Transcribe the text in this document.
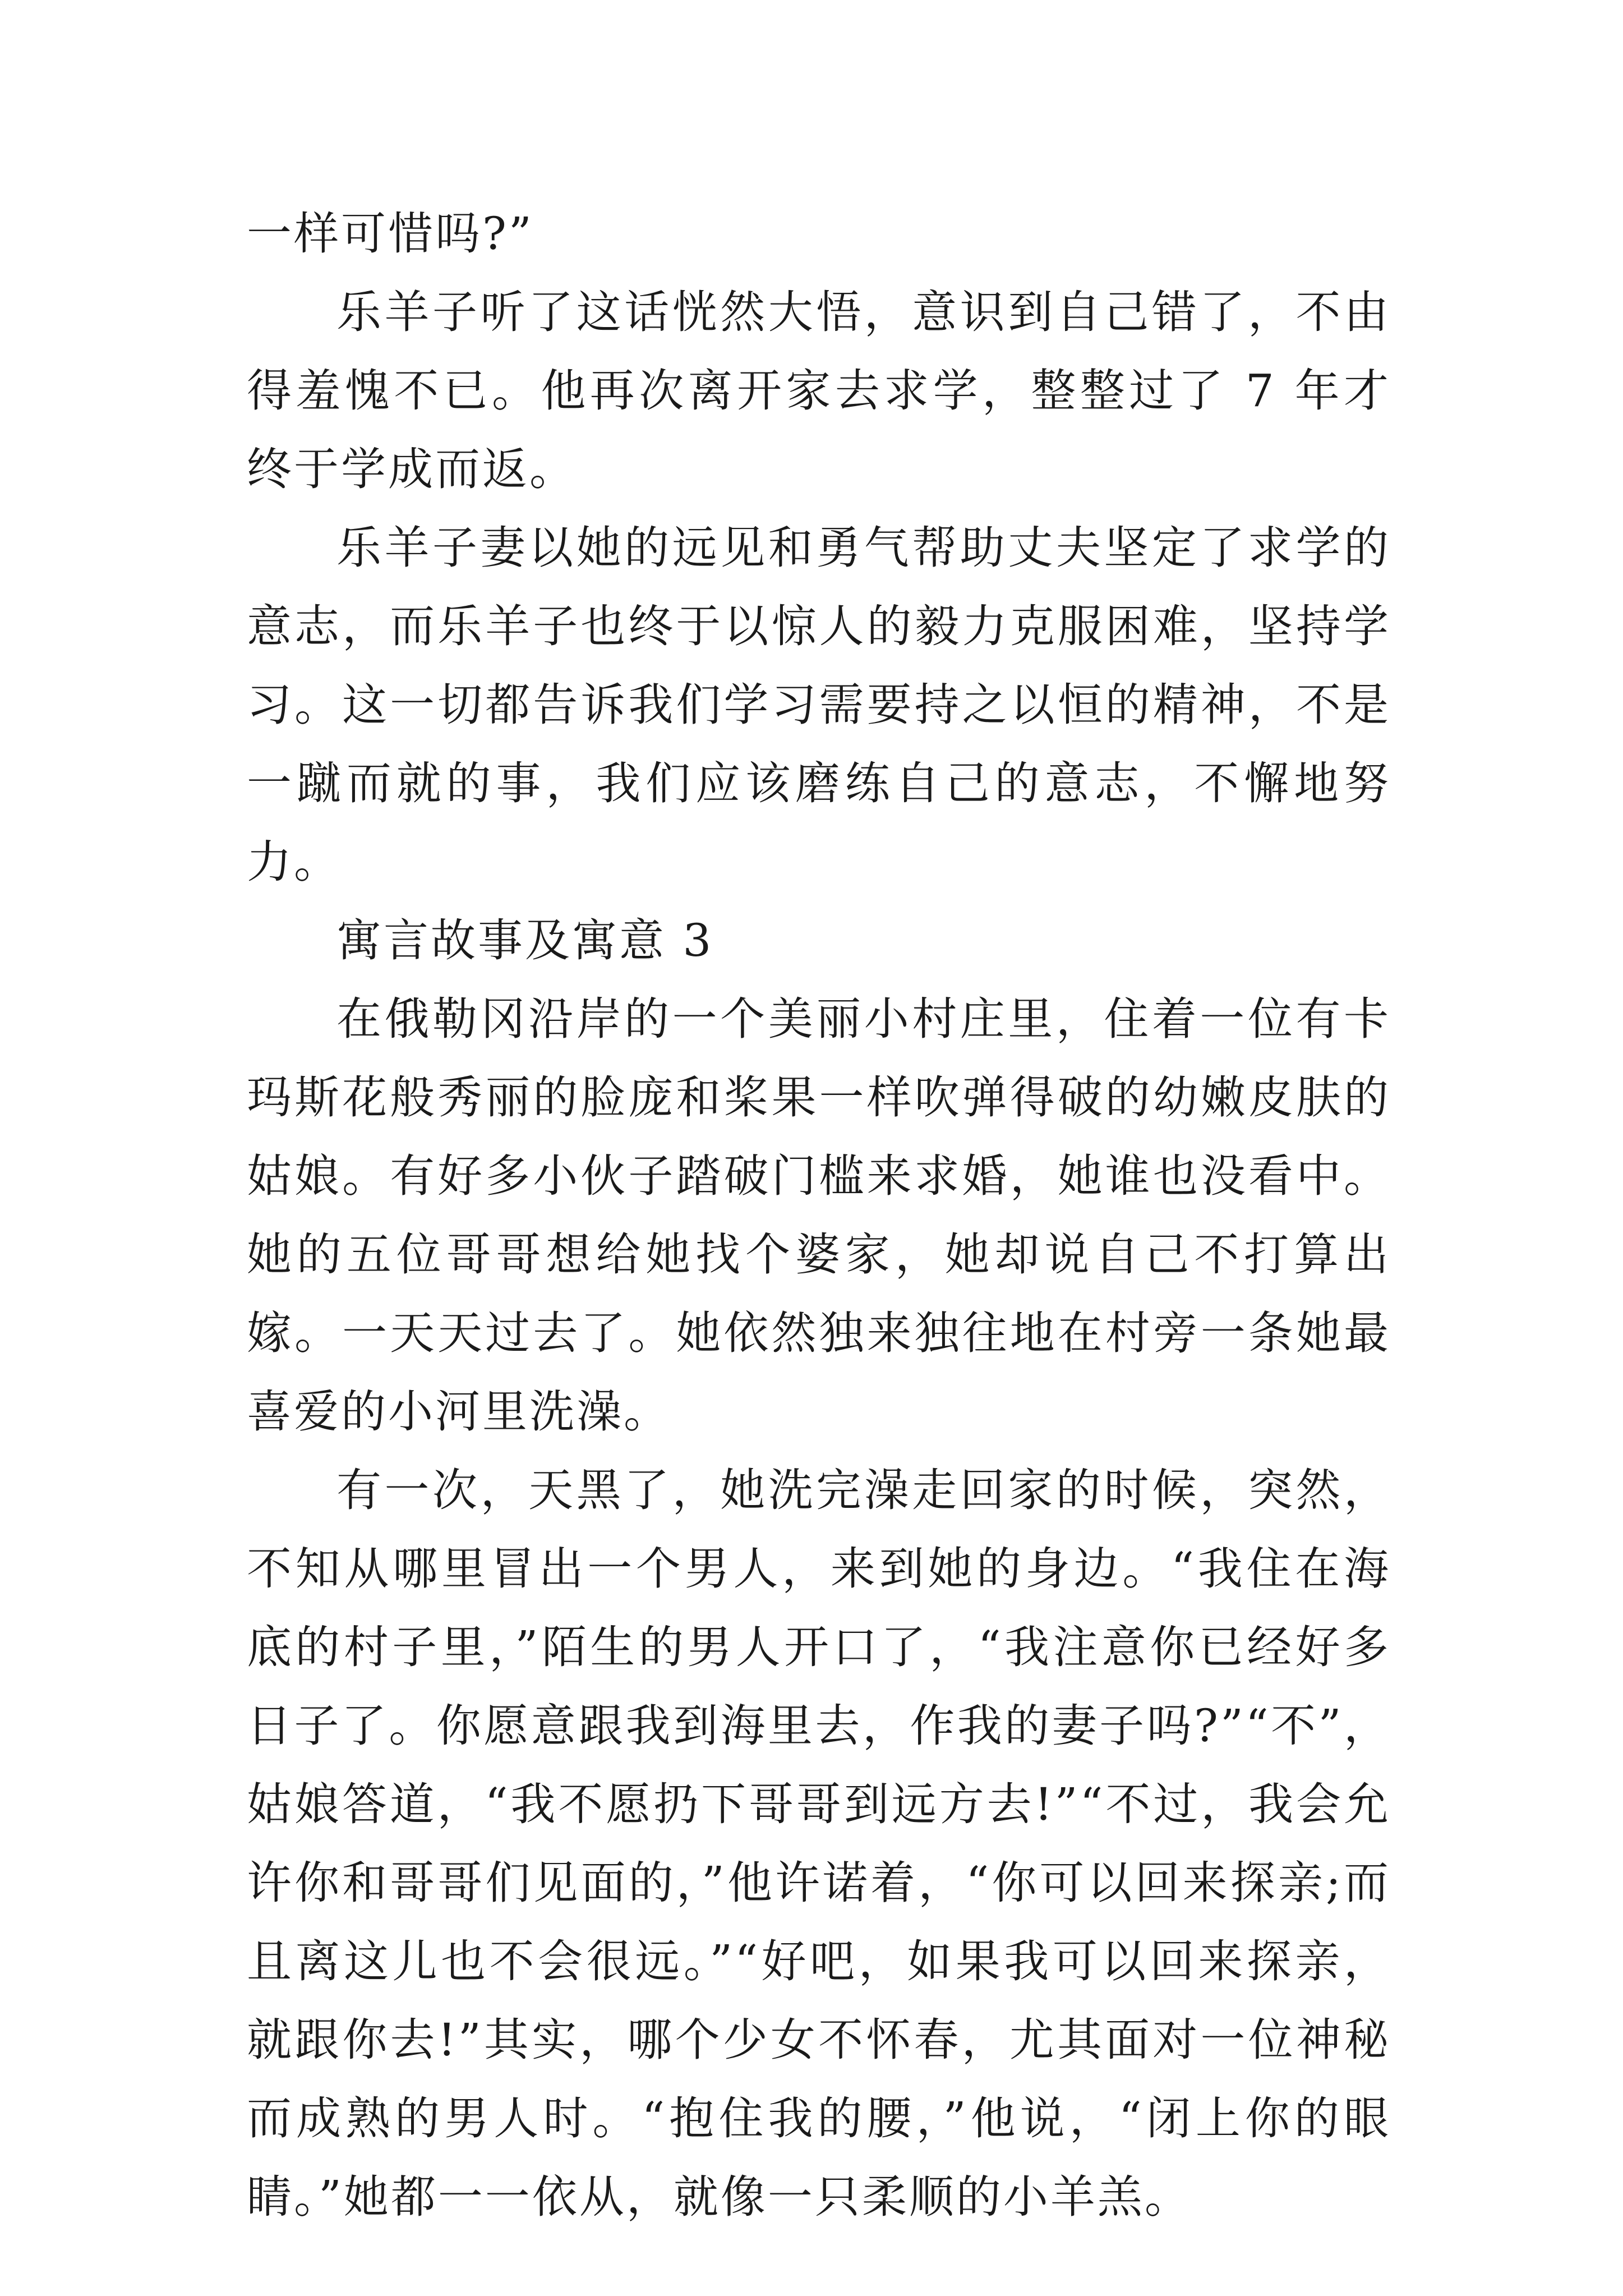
一样可惜吗?”

乐羊子听了这话恍然大悟，意识到自己错了，不由得羞愧不已。他再次离开家去求学，整整过了 7 年才终于学成而返。

乐羊子妻以她的远见和勇气帮助丈夫坚定了求学的意志，而乐羊子也终于以惊人的毅力克服困难，坚持学习。这一切都告诉我们学习需要持之以恒的精神，不是一蹴而就的事，我们应该磨练自己的意志，不懈地努力。

寓言故事及寓意 3

在俄勒冈沿岸的一个美丽小村庄里，住着一位有卡玛斯花般秀丽的脸庞和桨果一样吹弹得破的幼嫩皮肤的姑娘。有好多小伙子踏破门槛来求婚，她谁也没看中。她的五位哥哥想给她找个婆家，她却说自己不打算出嫁。一天天过去了。她依然独来独往地在村旁一条她最喜爱的小河里洗澡。

有一次，天黑了，她洗完澡走回家的时候，突然，不知从哪里冒出一个男人，来到她的身边。“我住在海底的村子里，”陌生的男人开口了，“我注意你已经好多日子了。你愿意跟我到海里去，作我的妻子吗?”“不”，姑娘答道，“我不愿扔下哥哥到远方去!”“不过，我会允许你和哥哥们见面的，”他许诺着，“你可以回来探亲;而且离这儿也不会很远。”“好吧，如果我可以回来探亲，就跟你去!”其实，哪个少女不怀春，尤其面对一位神秘而成熟的男人时。“抱住我的腰，”他说，“闭上你的眼睛。”她都一一依从，就像一只柔顺的小羊羔。
